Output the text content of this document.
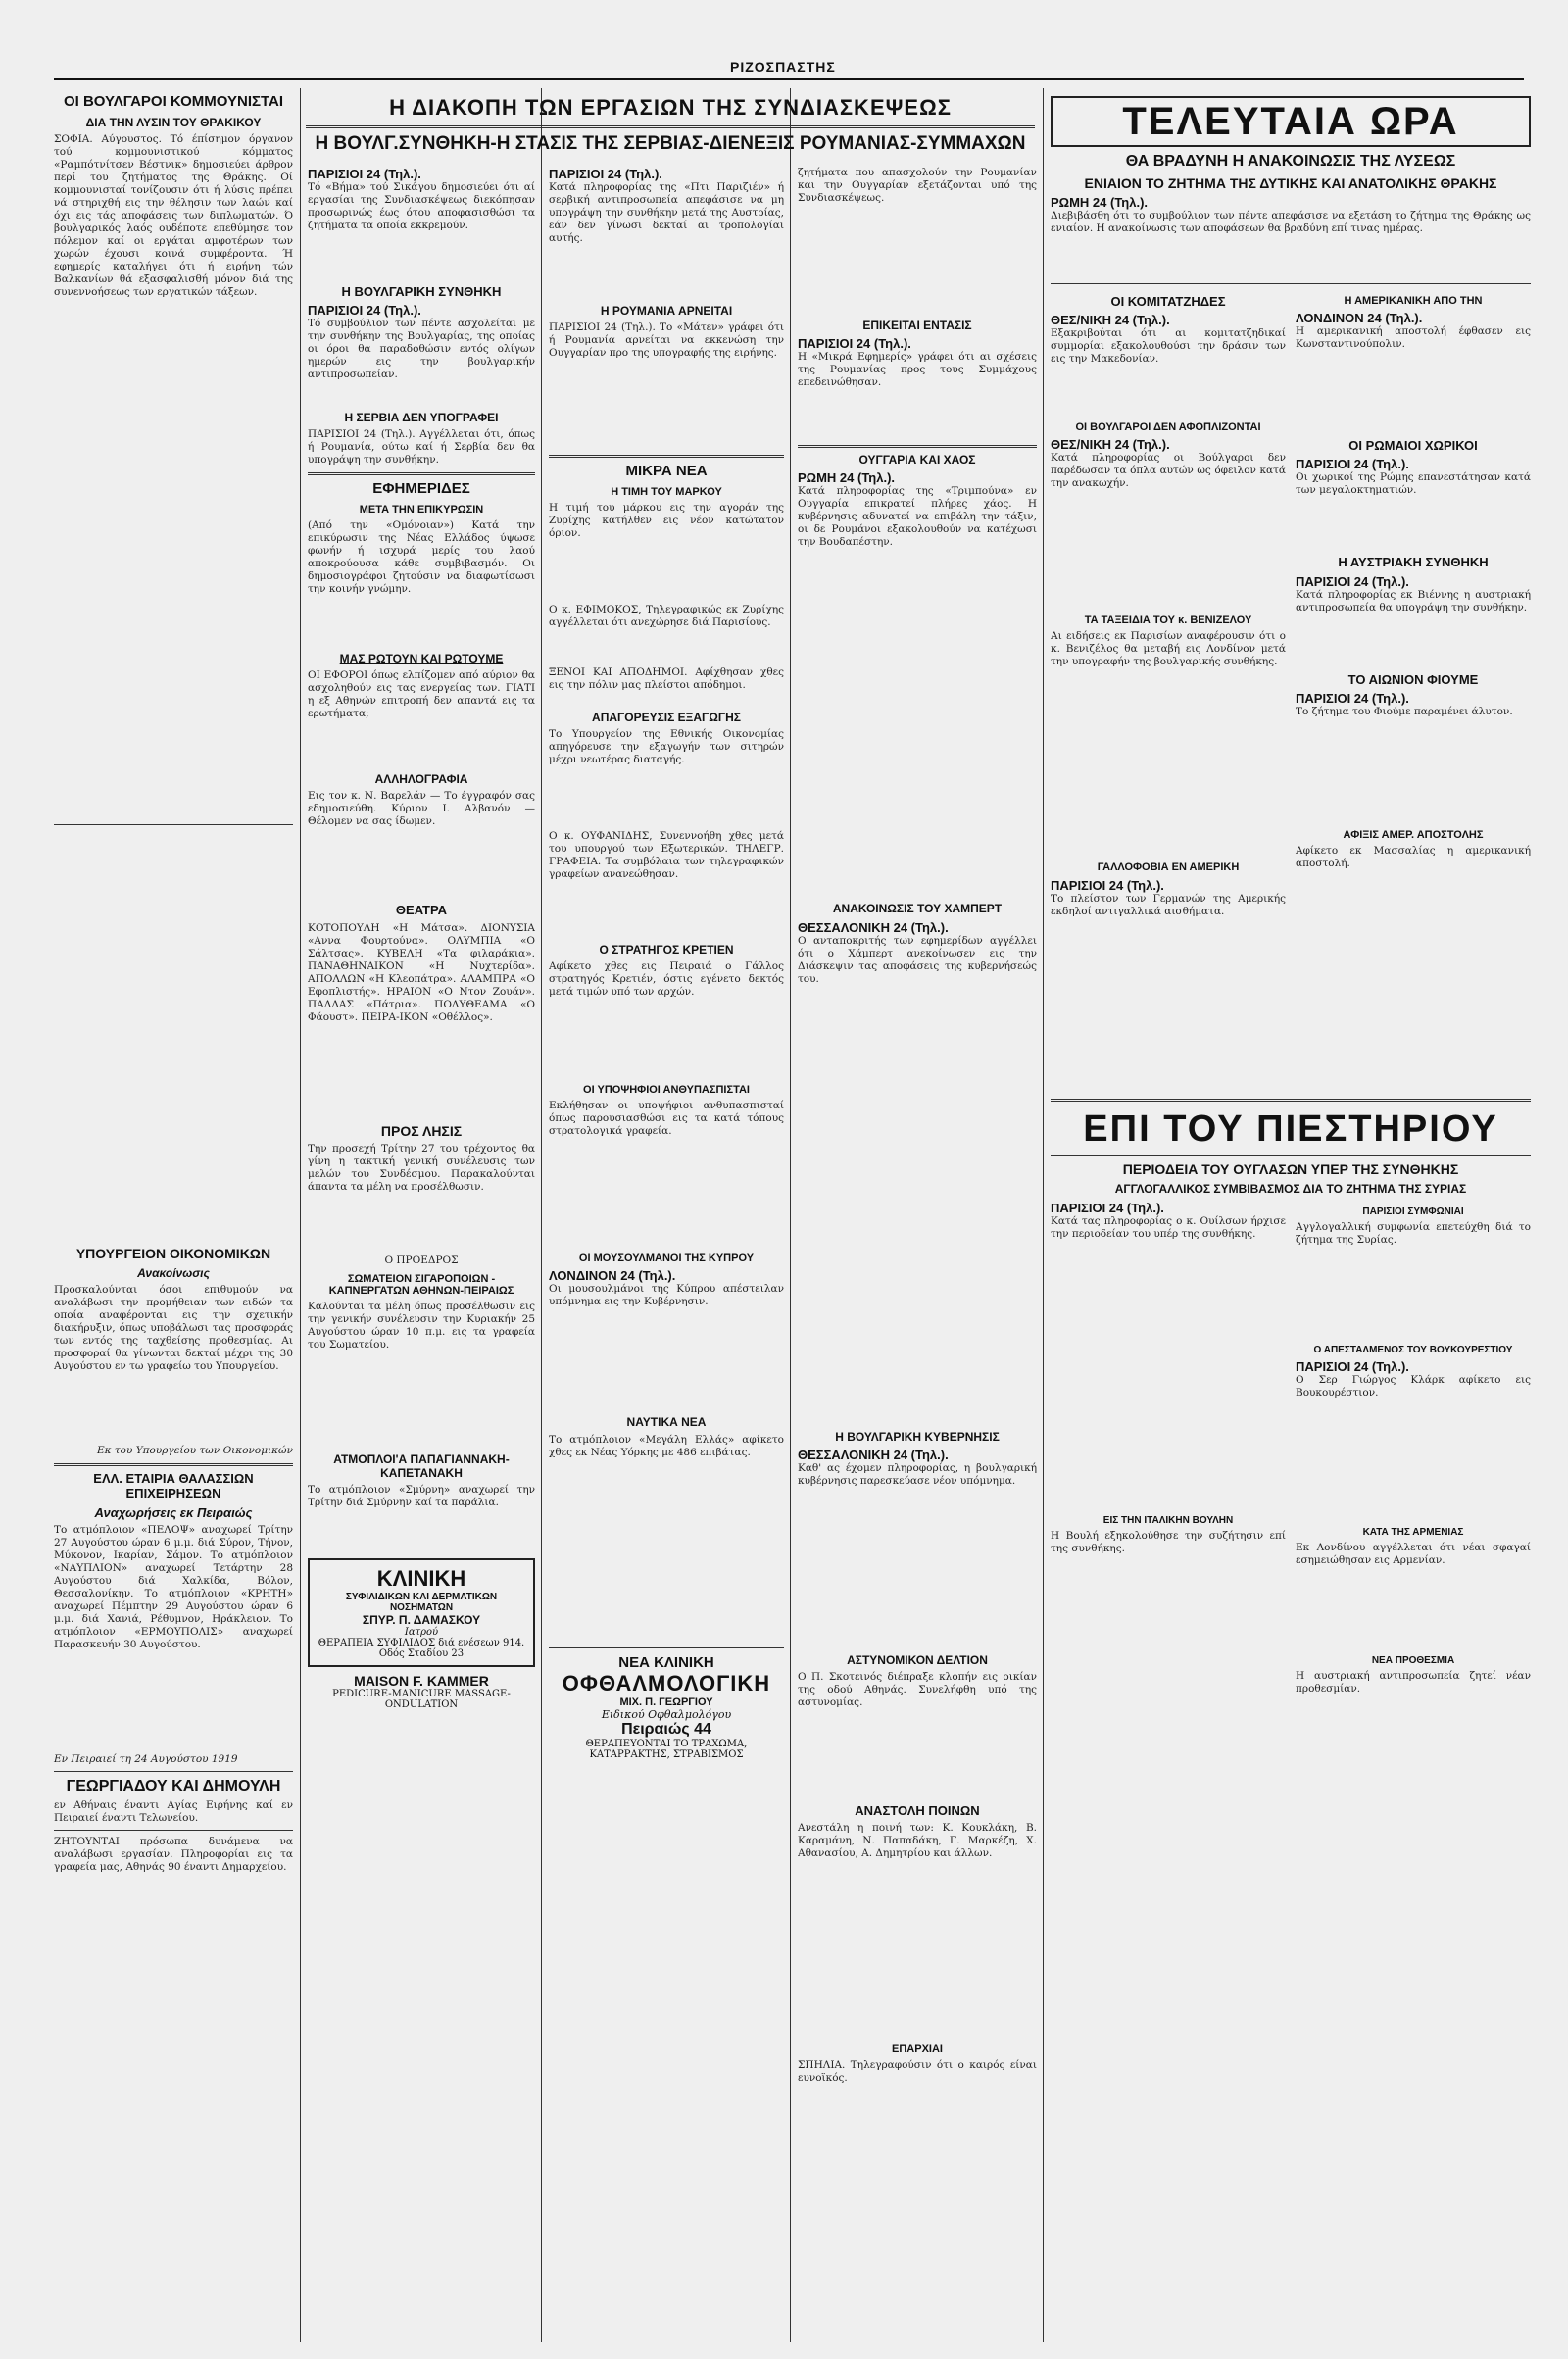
ΡΙΖΟΣΠΑΣΤΗΣ
ΟΙ ΒΟΥΛΓΑΡΟΙ ΚΟΜΜΟΥΝΙΣΤΑΙ
ΔΙΑ ΤΗΝ ΛΥΣΙΝ ΤΟΥ ΘΡΑΚΙΚΟΥ

ΣΟΦΙΑ. Αύγουστος. Τό έπίσημον όργανον τού κομμουνιστικού κόμματος «Ραμπότνίτσεν Βέστνικ» δημοσιεύει άρθρον περί του ζητήματος της Θράκης. Οί κομμουνισταί τονίζουσιν ότι ή λύσις πρέπει νά στηριχθή εις την θέλησιν των λαών καί όχι εις τάς αποφάσεις των διπλωματών. Ό βουλγαρικός λαός ουδέποτε επεθύμησε τον πόλεμον καί οι εργάται αμφοτέρων των χωρών έχουσι κοινά συμφέροντα. Ή εφημερίς καταλήγει ότι ή ειρήνη τών Βαλκανίων θά εξασφαλισθή μόνον διά της συνεννοήσεως των εργατικών τάξεων.

ΥΠΟΥΡΓΕΙΟΝ ΟΙΚΟΝΟΜΙΚΩΝ
Ανακοίνωσις

Προσκαλούνται όσοι επιθυμούν να αναλάβωσι την προμήθειαν των ειδών τα οποία αναφέρονται εις την σχετικήν διακήρυξιν, όπως υποβάλωσι τας προσφοράς των εντός της ταχθείσης προθεσμίας. Αι προσφοραί θα γίνωνται δεκταί μέχρι της 30 Αυγούστου εν τω γραφείω του Υπουργείου.

Εκ του Υπουργείου των Οικονομικών

ΕΛΛ. ΕΤΑΙΡΙΑ ΘΑΛΑΣΣΙΩΝ ΕΠΙΧΕΙΡΗΣΕΩΝ
Αναχωρήσεις εκ Πειραιώς

Το ατμόπλοιον «ΠΕΛΟΨ» αναχωρεί Τρίτην 27 Αυγούστου ώραν 6 μ.μ. διά Σύρον, Τήνον, Μύκονον, Ικαρίαν, Σάμον. Το ατμόπλοιον «ΝΑΥΠΛΙΟΝ» αναχωρεί Τετάρτην 28 Αυγούστου διά Χαλκίδα, Βόλον, Θεσσαλονίκην. Το ατμόπλοιον «ΚΡΗΤΗ» αναχωρεί Πέμπτην 29 Αυγούστου ώραν 6 μ.μ. διά Χανιά, Ρέθυμνον, Ηράκλειον. Το ατμόπλοιον «ΕΡΜΟΥΠΟΛΙΣ» αναχωρεί Παρασκευήν 30 Αυγούστου.

Εν Πειραιεί τη 24 Αυγούστου 1919

ΓΕΩΡΓΙΑΔΟΥ ΚΑΙ ΔΗΜΟΥΛΗ

εν Αθήναις έναντι Αγίας Ειρήνης καί εν Πειραιεί έναντι Τελωνείου.

ΖΗΤΟΥΝΤΑΙ πρόσωπα δυνάμενα να αναλάβωσι εργασίαν. Πληροφορίαι εις τα γραφεία μας, Αθηνάς 90 έναντι Δημαρχείου.

Η ΔΙΑΚΟΠΗ ΤΩΝ ΕΡΓΑΣΙΩΝ ΤΗΣ ΣΥΝΔΙΑΣΚΕΨΕΩΣ
Η ΒΟΥΛΓ.ΣΥΝΘΗΚΗ-Η ΣΤΑΣΙΣ ΤΗΣ ΣΕΡΒΙΑΣ-ΔΙΕΝΕΞΙΣ ΡΟΥΜΑΝΙΑΣ-ΣΥΜΜΑΧΩΝ
ΠΑΡΙΣΙΟΙ 24 (Τηλ.).

Τό «Βήμα» τού Σικάγου δημοσιεύει ότι αί εργασίαι της Συνδιασκέψεως διεκόπησαν προσωρινώς έως ότου αποφασισθώσι τα ζητήματα τα οποία εκκρεμούν.

Η ΒΟΥΛΓΑΡΙΚΗ ΣΥΝΘΗΚΗ
ΠΑΡΙΣΙΟΙ 24 (Τηλ.).

Τό συμβούλιον των πέντε ασχολείται με την συνθήκην της Βουλγαρίας, της οποίας οι όροι θα παραδοθώσιν εντός ολίγων ημερών εις την βουλγαρικήν αντιπροσωπείαν.

Η ΣΕΡΒΙΑ ΔΕΝ ΥΠΟΓΡΑΦΕΙ

ΠΑΡΙΣΙΟΙ 24 (Τηλ.). Αγγέλλεται ότι, όπως ή Ρουμανία, ούτω καί ή Σερβία δεν θα υπογράψη την συνθήκην.

ΕΦΗΜΕΡΙΔΕΣ
ΜΕΤΑ ΤΗΝ ΕΠΙΚΥΡΩΣΙΝ

(Από την «Ομόνοιαν») Κατά την επικύρωσιν της Νέας Ελλάδος ύψωσε φωνήν ή ισχυρά μερίς του λαού αποκρούουσα κάθε συμβιβασμόν. Οι δημοσιογράφοι ζητούσιν να διαφωτίσωσι την κοινήν γνώμην.

ΜΑΣ ΡΩΤΟΥΝ ΚΑΙ ΡΩΤΟΥΜΕ

ΟΙ ΕΦΟΡΟΙ όπως ελπίζομεν από αύριον θα ασχοληθούν εις τας ενεργείας των. ΓΙΑΤΙ η εξ Αθηνών επιτροπή δεν απαντά εις τα ερωτήματα;

ΑΛΛΗΛΟΓΡΑΦΙΑ

Εις τον κ. Ν. Βαρελάν — Το έγγραφόν σας εδημοσιεύθη. Κύριον Ι. Αλβανόν — Θέλομεν να σας ίδωμεν.

ΘΕΑΤΡΑ

ΚΟΤΟΠΟΥΛΗ «Η Μάτσα». ΔΙΟΝΥΣΙΑ «Αννα Φουρτούνα». ΟΛΥΜΠΙΑ «Ο Σάλτσας». ΚΥΒΕΛΗ «Τα φιλαράκια». ΠΑΝΑΘΗΝΑΙΚΟΝ «Η Νυχτερίδα». ΑΠΟΛΛΩΝ «Η Κλεοπάτρα». ΑΛΑΜΠΡΑ «Ο Εφοπλιστής». ΗΡΑΙΟΝ «Ο Ντον Ζουάν». ΠΑΛΛΑΣ «Πάτρια». ΠΟΛΥΘΕΑΜΑ «Ο Φάουστ». ΠΕΙΡΑ-ΙΚΟΝ «Οθέλλος».

ΠΡΟΣ ΛΗΣΙΣ

Την προσεχή Τρίτην 27 του τρέχοντος θα γίνη η τακτική γενική συνέλευσις των μελών του Συνδέσμου. Παρακαλούνται άπαντα τα μέλη να προσέλθωσιν.

Ο ΠΡΟΕΔΡΟΣ

ΣΩΜΑΤΕΙΟΝ ΣΙΓΑΡΟΠΟΙΩΝ - ΚΑΠΝΕΡΓΑΤΩΝ ΑΘΗΝΩΝ-ΠΕΙΡΑΙΩΣ

Καλούνται τα μέλη όπως προσέλθωσιν εις την γενικήν συνέλευσιν την Κυριακήν 25 Αυγούστου ώραν 10 π.μ. εις τα γραφεία του Σωματείου.

ΑΤΜΟΠΛΟΙ'Α ΠΑΠΑΓΙΑΝΝΑΚΗ-ΚΑΠΕΤΑΝΑΚΗ

Το ατμόπλοιον «Σμύρνη» αναχωρεί την Τρίτην διά Σμύρνην καί τα παράλια.

ΚΛΙΝΙΚΗ
ΣΥΦΙΛΙΔΙΚΩΝ ΚΑΙ ΔΕΡΜΑΤΙΚΩΝ ΝΟΣΗΜΑΤΩΝ
ΣΠΥΡ. Π. ΔΑΜΑΣΚΟΥ
Ιατρού
ΘΕΡΑΠΕΙΑ ΣΥΦΙΛΙΔΟΣ διά ενέσεων 914. Οδός Σταδίου 23
MAISON F. KAMMER
PEDICURE-MANICURE MASSAGE-ONDULATION
ΠΑΡΙΣΙΟΙ 24 (Τηλ.).

Κατά πληροφορίας της «Πτι Παριζιέν» ή σερβική αντιπροσωπεία απεφάσισε να μη υπογράψη την συνθήκην μετά της Αυστρίας, εάν δεν γίνωσι δεκταί αι τροπολογίαι αυτής.

Η ΡΟΥΜΑΝΙΑ ΑΡΝΕΙΤΑΙ

ΠΑΡΙΣΙΟΙ 24 (Τηλ.). Το «Μάτεν» γράφει ότι ή Ρουμανία αρνείται να εκκενώση την Ουγγαρίαν προ της υπογραφής της ειρήνης.

ΜΙΚΡΑ ΝΕΑ
Η ΤΙΜΗ ΤΟΥ ΜΑΡΚΟΥ

Η τιμή του μάρκου εις την αγοράν της Ζυρίχης κατήλθεν εις νέον κατώτατον όριον.

Ο κ. ΕΦΙΜΟΚΟΣ, Τηλεγραφικώς εκ Ζυρίχης αγγέλλεται ότι ανεχώρησε διά Παρισίους.

ΞΕΝΟΙ ΚΑΙ ΑΠΟΔΗΜΟΙ. Αφίχθησαν χθες εις την πόλιν μας πλείστοι απόδημοι.

ΑΠΑΓΟΡΕΥΣΙΣ ΕΞΑΓΩΓΗΣ

Το Υπουργείον της Εθνικής Οικονομίας απηγόρευσε την εξαγωγήν των σιτηρών μέχρι νεωτέρας διαταγής.

Ο κ. ΟΥΦΑΝΙΔΗΣ, Συνεννοήθη χθες μετά του υπουργού των Εξωτερικών. ΤΗΛΕΓΡ. ΓΡΑΦΕΙΑ. Τα συμβόλαια των τηλεγραφικών γραφείων ανανεώθησαν.

Ο ΣΤΡΑΤΗΓΟΣ ΚΡΕΤΙΕΝ

Αφίκετο χθες εις Πειραιά ο Γάλλος στρατηγός Κρετιέν, όστις εγένετο δεκτός μετά τιμών υπό των αρχών.

ΟΙ ΥΠΟΨΗΦΙΟΙ ΑΝΘΥΠΑΣΠΙΣΤΑΙ

Εκλήθησαν οι υποψήφιοι ανθυπασπισταί όπως παρουσιασθώσι εις τα κατά τόπους στρατολογικά γραφεία.

ΟΙ ΜΟΥΣΟΥΛΜΑΝΟΙ ΤΗΣ ΚΥΠΡΟΥ
ΛΟΝΔΙΝΟΝ 24 (Τηλ.).

Οι μουσουλμάνοι της Κύπρου απέστειλαν υπόμνημα εις την Κυβέρνησιν.

ΝΑΥΤΙΚΑ ΝΕΑ

Το ατμόπλοιον «Μεγάλη Ελλάς» αφίκετο χθες εκ Νέας Υόρκης με 486 επιβάτας.

ΝΕΑ ΚΛΙΝΙΚΗ
ΟΦΘΑΛΜΟΛΟΓΙΚΗ
ΜΙΧ. Π. ΓΕΩΡΓΙΟΥ
Ειδικού Οφθαλμολόγου
Πειραιώς 44
ΘΕΡΑΠΕΥΟΝΤΑΙ ΤΟ ΤΡΑΧΩΜΑ, ΚΑΤΑΡΡΑΚΤΗΣ, ΣΤΡΑΒΙΣΜΟΣ

ζητήματα που απασχολούν την Ρουμανίαν και την Ουγγαρίαν εξετάζονται υπό της Συνδιασκέψεως.

ΕΠΙΚΕΙΤΑΙ ΕΝΤΑΣΙΣ
ΠΑΡΙΣΙΟΙ 24 (Τηλ.).

Η «Μικρά Εφημερίς» γράφει ότι αι σχέσεις της Ρουμανίας προς τους Συμμάχους επεδεινώθησαν.

ΟΥΓΓΑΡΙΑ ΚΑΙ ΧΑΟΣ
ΡΩΜΗ 24 (Τηλ.).

Κατά πληροφορίας της «Τριμπούνα» εν Ουγγαρία επικρατεί πλήρες χάος. Η κυβέρνησις αδυνατεί να επιβάλη την τάξιν, οι δε Ρουμάνοι εξακολουθούν να κατέχωσι την Βουδαπέστην.

ΑΝΑΚΟΙΝΩΣΙΣ ΤΟΥ ΧΑΜΠΕΡΤ
ΘΕΣΣΑΛΟΝΙΚΗ 24 (Τηλ.).

Ο ανταποκριτής των εφημερίδων αγγέλλει ότι ο Χάμπερτ ανεκοίνωσεν εις την Διάσκεψιν τας αποφάσεις της κυβερνήσεώς του.

Η ΒΟΥΛΓΑΡΙΚΗ ΚΥΒΕΡΝΗΣΙΣ
ΘΕΣΣΑΛΟΝΙΚΗ 24 (Τηλ.).

Καθ' ας έχομεν πληροφορίας, η βουλγαρική κυβέρνησις παρεσκεύασε νέον υπόμνημα.

ΑΣΤΥΝΟΜΙΚΟΝ ΔΕΛΤΙΟΝ

Ο Π. Σκοτεινός διέπραξε κλοπήν εις οικίαν της οδού Αθηνάς. Συνελήφθη υπό της αστυνομίας.

ΑΝΑΣΤΟΛΗ ΠΟΙΝΩΝ

Ανεστάλη η ποινή των: Κ. Κουκλάκη, Β. Καραμάνη, Ν. Παπαδάκη, Γ. Μαρκέζη, Χ. Αθανασίου, Α. Δημητρίου και άλλων.

ΕΠΑΡΧΙΑΙ

ΣΠΗΛΙΑ. Τηλεγραφούσιν ότι ο καιρός είναι ευνοϊκός.

ΤΕΛΕΥΤΑΙΑ ΩΡΑ
ΘΑ ΒΡΑΔΥΝΗ Η ΑΝΑΚΟΙΝΩΣΙΣ ΤΗΣ ΛΥΣΕΩΣ
ΕΝΙΑΙΟΝ ΤΟ ΖΗΤΗΜΑ ΤΗΣ ΔΥΤΙΚΗΣ ΚΑΙ ΑΝΑΤΟΛΙΚΗΣ ΘΡΑΚΗΣ
ΡΩΜΗ 24 (Τηλ.).

Διεβιβάσθη ότι το συμβούλιον των πέντε απεφάσισε να εξετάση το ζήτημα της Θράκης ως ενιαίον. Η ανακοίνωσις των αποφάσεων θα βραδύνη επί τινας ημέρας.

ΟΙ ΚΟΜΙΤΑΤΖΗΔΕΣ
ΘΕΣ/ΝΙΚΗ 24 (Τηλ.).

Εξακριβούται ότι αι κομιτατζηδικαί συμμορίαι εξακολουθούσι την δράσιν των εις την Μακεδονίαν.

ΟΙ ΒΟΥΛΓΑΡΟΙ ΔΕΝ ΑΦΟΠΛΙΖΟΝΤΑΙ
ΘΕΣ/ΝΙΚΗ 24 (Τηλ.).

Κατά πληροφορίας οι Βούλγαροι δεν παρέδωσαν τα όπλα αυτών ως όφειλον κατά την ανακωχήν.

ΤΑ ΤΑΞΕΙΔΙΑ ΤΟΥ κ. ΒΕΝΙΖΕΛΟΥ

Αι ειδήσεις εκ Παρισίων αναφέρουσιν ότι ο κ. Βενιζέλος θα μεταβή εις Λονδίνον μετά την υπογραφήν της βουλγαρικής συνθήκης.

ΓΑΛΛΟΦΟΒΙΑ ΕΝ ΑΜΕΡΙΚΗ
ΠΑΡΙΣΙΟΙ 24 (Τηλ.).

Το πλείστον των Γερμανών της Αμερικής εκδηλοί αντιγαλλικά αισθήματα.

Η ΑΜΕΡΙΚΑΝΙΚΗ ΑΠΟ ΤΗΝ
ΛΟΝΔΙΝΟΝ 24 (Τηλ.).

Η αμερικανική αποστολή έφθασεν εις Κωνσταντινούπολιν.

ΟΙ ΡΩΜΑΙΟΙ ΧΩΡΙΚΟΙ
ΠΑΡΙΣΙΟΙ 24 (Τηλ.).

Οι χωρικοί της Ρώμης επανεστάτησαν κατά των μεγαλοκτηματιών.

Η ΑΥΣΤΡΙΑΚΗ ΣΥΝΘΗΚΗ
ΠΑΡΙΣΙΟΙ 24 (Τηλ.).

Κατά πληροφορίας εκ Βιέννης η αυστριακή αντιπροσωπεία θα υπογράψη την συνθήκην.

ΤΟ ΑΙΩΝΙΟΝ ΦΙΟΥΜΕ
ΠΑΡΙΣΙΟΙ 24 (Τηλ.).

Το ζήτημα του Φιούμε παραμένει άλυτον.

ΑΦΙΞΙΣ ΑΜΕΡ. ΑΠΟΣΤΟΛΗΣ

Αφίκετο εκ Μασσαλίας η αμερικανική αποστολή.

ΕΠΙ ΤΟΥ ΠΙΕΣΤΗΡΙΟΥ
ΠΕΡΙΟΔΕΙΑ ΤΟΥ ΟΥΓΛΑΣΩΝ ΥΠΕΡ ΤΗΣ ΣΥΝΘΗΚΗΣ
ΑΓΓΛΟΓΑΛΛΙΚΟΣ ΣΥΜΒΙΒΑΣΜΟΣ ΔΙΑ ΤΟ ΖΗΤΗΜΑ ΤΗΣ ΣΥΡΙΑΣ
ΠΑΡΙΣΙΟΙ 24 (Τηλ.).

Κατά τας πληροφορίας ο κ. Ουίλσων ήρχισε την περιοδείαν του υπέρ της συνθήκης.

ΕΙΣ ΤΗΝ ΙΤΑΛΙΚΗΝ ΒΟΥΛΗΝ

Η Βουλή εξηκολούθησε την συζήτησιν επί της συνθήκης.

ΠΑΡΙΣΙΟΙ ΣΥΜΦΩΝΙΑΙ

Αγγλογαλλική συμφωνία επετεύχθη διά το ζήτημα της Συρίας.

Ο ΑΠΕΣΤΑΛΜΕΝΟΣ ΤΟΥ ΒΟΥΚΟΥΡΕΣΤΙΟΥ
ΠΑΡΙΣΙΟΙ 24 (Τηλ.).

Ο Σερ Γιώργος Κλάρκ αφίκετο εις Βουκουρέστιον.

ΚΑΤΑ ΤΗΣ ΑΡΜΕΝΙΑΣ

Εκ Λονδίνου αγγέλλεται ότι νέαι σφαγαί εσημειώθησαν εις Αρμενίαν.

ΝΕΑ ΠΡΟΘΕΣΜΙΑ

Η αυστριακή αντιπροσωπεία ζητεί νέαν προθεσμίαν.
